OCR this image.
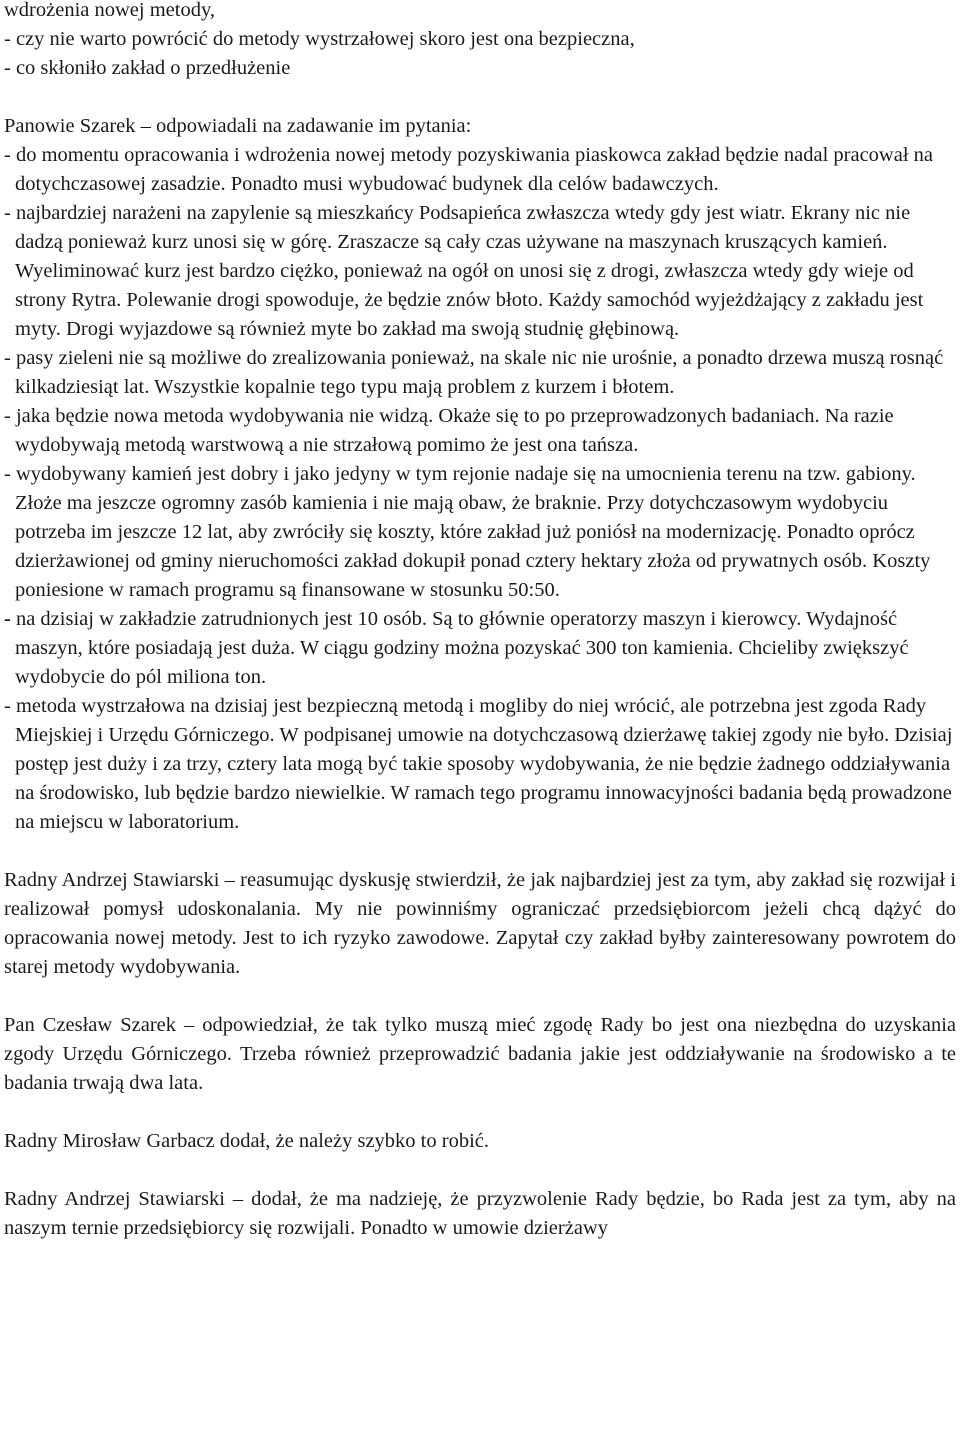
wdrożenia nowej metody,

- czy nie warto powrócić do metody wystrzałowej skoro jest ona bezpieczna,

- co skłoniło zakład o przedłużenie

Panowie Szarek – odpowiadali na zadawanie im pytania:

- do momentu opracowania i wdrożenia nowej metody pozyskiwania piaskowca zakład będzie nadal pracował na dotychczasowej zasadzie. Ponadto musi wybudować budynek dla celów badawczych.
- najbardziej narażeni na zapylenie są mieszkańcy Podsapieńca zwłaszcza wtedy gdy jest wiatr. Ekrany nic nie dadzą ponieważ kurz unosi się w górę. Zraszacze są cały czas używane na maszynach kruszących kamień. Wyeliminować kurz jest bardzo ciężko, ponieważ na ogół on unosi się z drogi, zwłaszcza wtedy gdy wieje od strony Rytra. Polewanie drogi spowoduje, że będzie znów błoto. Każdy samochód wyjeżdżający z zakładu jest myty. Drogi wyjazdowe są również myte bo zakład ma swoją studnię głębinową.
- pasy zieleni nie są możliwe do zrealizowania ponieważ, na skale nic nie urośnie, a ponadto drzewa muszą rosnąć kilkadziesiąt lat. Wszystkie kopalnie tego typu mają problem z kurzem i błotem.
- jaka będzie nowa metoda wydobywania nie widzą. Okaże się to po przeprowadzonych badaniach. Na razie wydobywają metodą warstwową a nie strzałową pomimo że jest ona tańsza.
- wydobywany kamień jest dobry i jako jedyny w tym rejonie nadaje się na umocnienia terenu na tzw. gabiony. Złoże ma jeszcze ogromny zasób kamienia i nie mają obaw, że braknie. Przy dotychczasowym wydobyciu potrzeba im jeszcze 12 lat, aby zwróciły się koszty, które zakład już poniósł na modernizację. Ponadto oprócz dzierżawionej od gminy nieruchomości zakład dokupił ponad cztery hektary złoża od prywatnych osób. Koszty poniesione w ramach programu są finansowane w stosunku 50:50.
- na dzisiaj w zakładzie zatrudnionych jest 10 osób. Są to głównie operatorzy maszyn i kierowcy. Wydajność maszyn, które posiadają jest duża. W ciągu godziny można pozyskać 300 ton kamienia. Chcieliby zwiększyć wydobycie do pól miliona ton.
- metoda wystrzałowa na dzisiaj jest bezpieczną metodą i mogliby do niej wrócić, ale potrzebna jest zgoda Rady Miejskiej i Urzędu Górniczego. W podpisanej umowie na dotychczasową dzierżawę takiej zgody nie było. Dzisiaj postęp jest duży i za trzy, cztery lata mogą być takie sposoby wydobywania, że nie będzie żadnego oddziaływania na środowisko, lub będzie bardzo niewielkie. W ramach tego programu innowacyjności badania będą prowadzone na miejscu w laboratorium.

Radny Andrzej Stawiarski – reasumując dyskusję stwierdził, że jak najbardziej jest za tym, aby zakład się rozwijał i realizował pomysł udoskonalania. My nie powinniśmy ograniczać przedsiębiorcom jeżeli chcą dążyć do opracowania nowej metody. Jest to ich ryzyko zawodowe. Zapytał czy zakład byłby zainteresowany powrotem do starej metody wydobywania.

Pan Czesław Szarek – odpowiedział, że tak tylko muszą mieć zgodę Rady bo jest ona niezbędna do uzyskania zgody Urzędu Górniczego. Trzeba również przeprowadzić badania jakie jest oddziaływanie na środowisko a te badania trwają dwa lata.

Radny Mirosław Garbacz dodał, że należy szybko to robić.

Radny Andrzej Stawiarski – dodał, że ma nadzieję, że przyzwolenie Rady będzie, bo Rada jest za tym, aby na naszym ternie przedsiębiorcy się rozwijali. Ponadto w umowie dzierżawy
